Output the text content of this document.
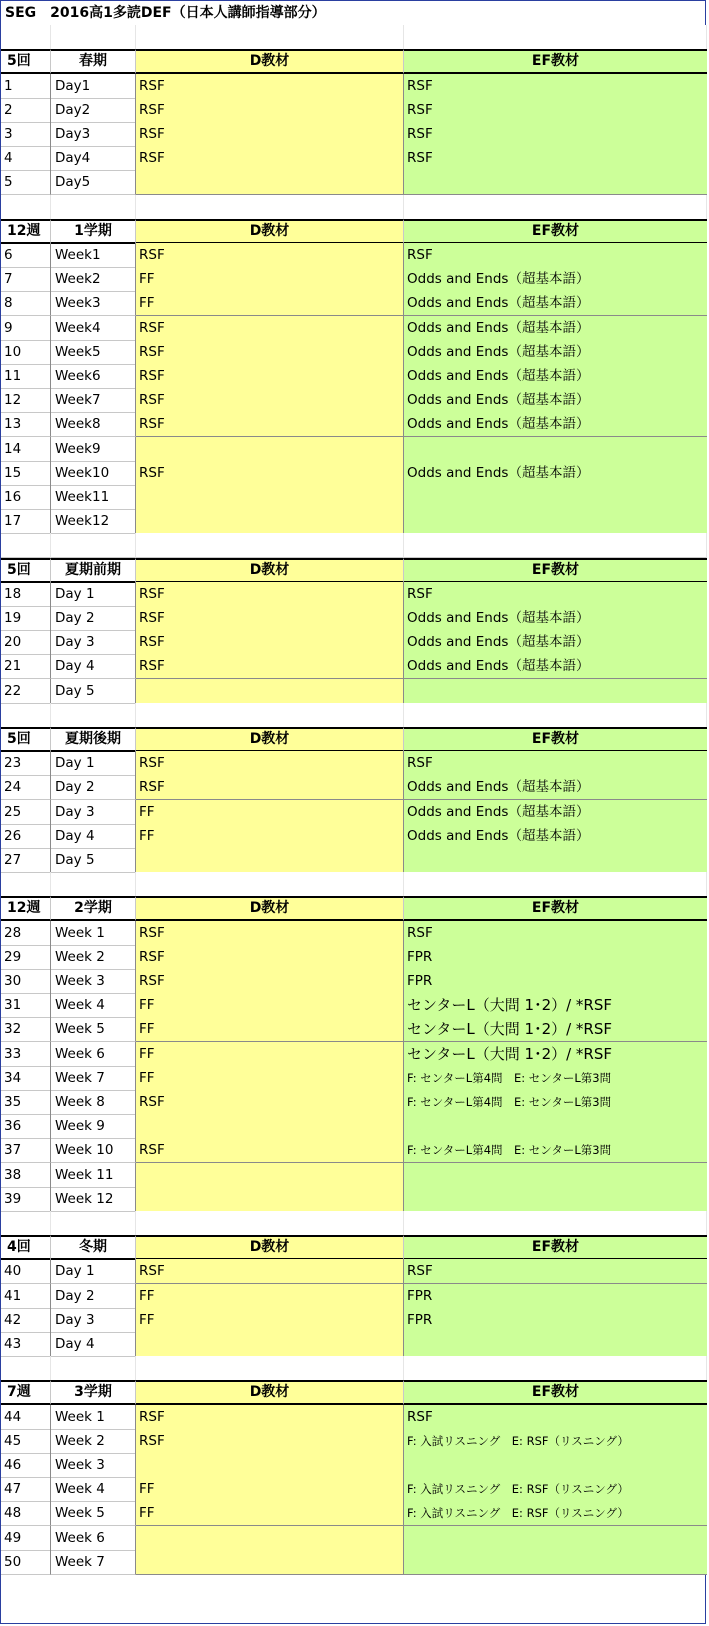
SEG　2016高1多読DEF（日本人講師指導部分）
5回	春期	D教材	EF教材
1	Day1	RSF	RSF
2	Day2	RSF	RSF
3	Day3	RSF	RSF
4	Day4	RSF	RSF
5	Day5
12週	1学期	D教材	EF教材
6	Week1	RSF	RSF
7	Week2	FF	Odds and Ends（超基本語）
8	Week3	FF	Odds and Ends（超基本語）
9	Week4	RSF	Odds and Ends（超基本語）
10	Week5	RSF	Odds and Ends（超基本語）
11	Week6	RSF	Odds and Ends（超基本語）
12	Week7	RSF	Odds and Ends（超基本語）
13	Week8	RSF	Odds and Ends（超基本語）
14	Week9
15	Week10	RSF	Odds and Ends（超基本語）
16	Week11
17	Week12
5回	夏期前期	D教材	EF教材
18	Day 1	RSF	RSF
19	Day 2	RSF	Odds and Ends（超基本語）
20	Day 3	RSF	Odds and Ends（超基本語）
21	Day 4	RSF	Odds and Ends（超基本語）
22	Day 5
5回	夏期後期	D教材	EF教材
23	Day 1	RSF	RSF
24	Day 2	RSF	Odds and Ends（超基本語）
25	Day 3	FF	Odds and Ends（超基本語）
26	Day 4	FF	Odds and Ends（超基本語）
27	Day 5
12週	2学期	D教材	EF教材
28	Week 1	RSF	RSF
29	Week 2	RSF	FPR
30	Week 3	RSF	FPR
31	Week 4	FF	センターL（大問 1･2）/ *RSF
32	Week 5	FF	センターL（大問 1･2）/ *RSF
33	Week 6	FF	センターL（大問 1･2）/ *RSF
34	Week 7	FF	F: センターL第4問　E: センターL第3問
35	Week 8	RSF	F: センターL第4問　E: センターL第3問
36	Week 9
37	Week 10	RSF	F: センターL第4問　E: センターL第3問
38	Week 11
39	Week 12
4回	冬期	D教材	EF教材
40	Day 1	RSF	RSF
41	Day 2	FF	FPR
42	Day 3	FF	FPR
43	Day 4
7週	3学期	D教材	EF教材
44	Week 1	RSF	RSF
45	Week 2	RSF	F: 入試リスニング　E: RSF（リスニング）
46	Week 3
47	Week 4	FF	F: 入試リスニング　E: RSF（リスニング）
48	Week 5	FF	F: 入試リスニング　E: RSF（リスニング）
49	Week 6
50	Week 7
